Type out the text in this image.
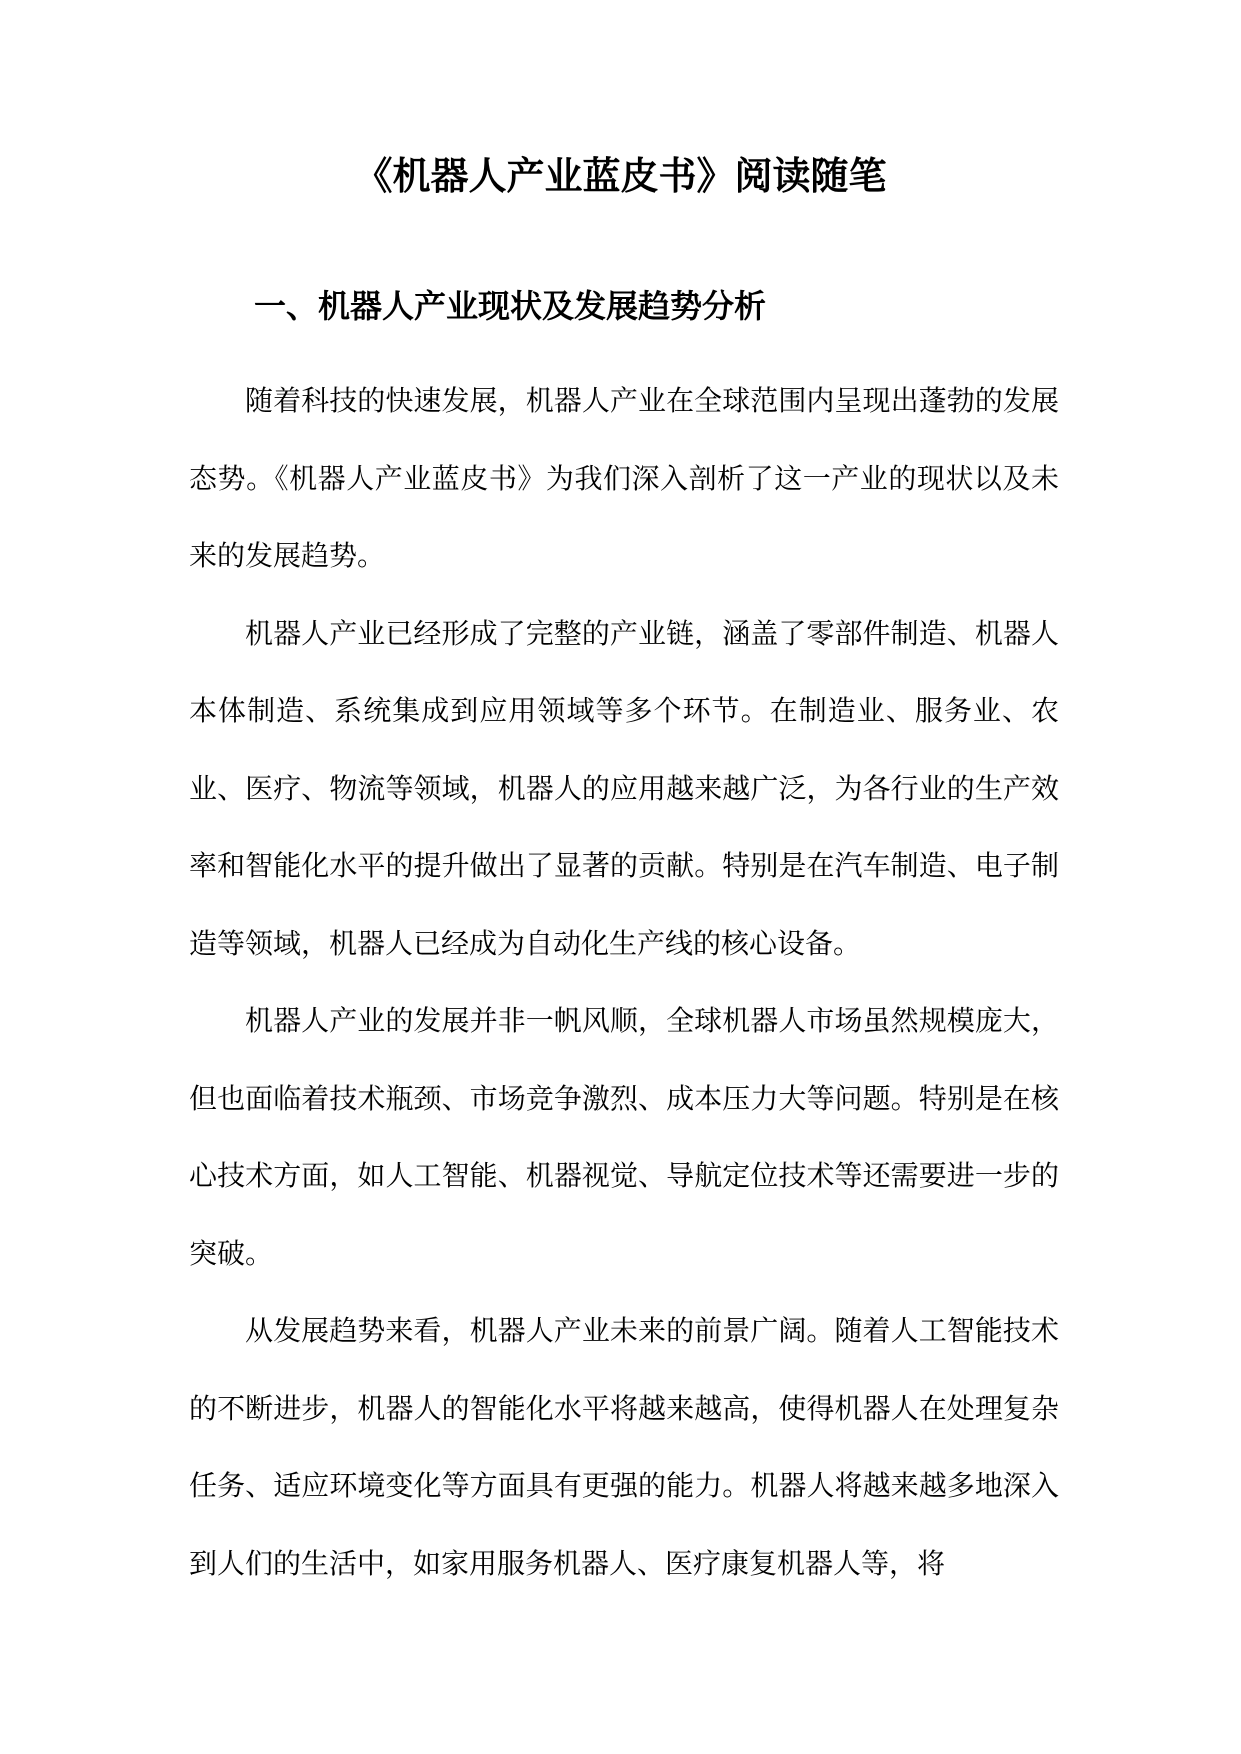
《机器人产业蓝皮书》阅读随笔
一、机器人产业现状及发展趋势分析

随着科技的快速发展，机器人产业在全球范围内呈现出蓬勃的发展态势。《机器人产业蓝皮书》为我们深入剖析了这一产业的现状以及未来的发展趋势。

机器人产业已经形成了完整的产业链，涵盖了零部件制造、机器人本体制造、系统集成到应用领域等多个环节。在制造业、服务业、农业、医疗、物流等领域，机器人的应用越来越广泛，为各行业的生产效率和智能化水平的提升做出了显著的贡献。特别是在汽车制造、电子制造等领域，机器人已经成为自动化生产线的核心设备。

机器人产业的发展并非一帆风顺，全球机器人市场虽然规模庞大，但也面临着技术瓶颈、市场竞争激烈、成本压力大等问题。特别是在核心技术方面，如人工智能、机器视觉、导航定位技术等还需要进一步的突破。

从发展趋势来看，机器人产业未来的前景广阔。随着人工智能技术的不断进步，机器人的智能化水平将越来越高，使得机器人在处理复杂任务、适应环境变化等方面具有更强的能力。机器人将越来越多地深入到人们的生活中，如家用服务机器人、医疗康复机器人等，将
